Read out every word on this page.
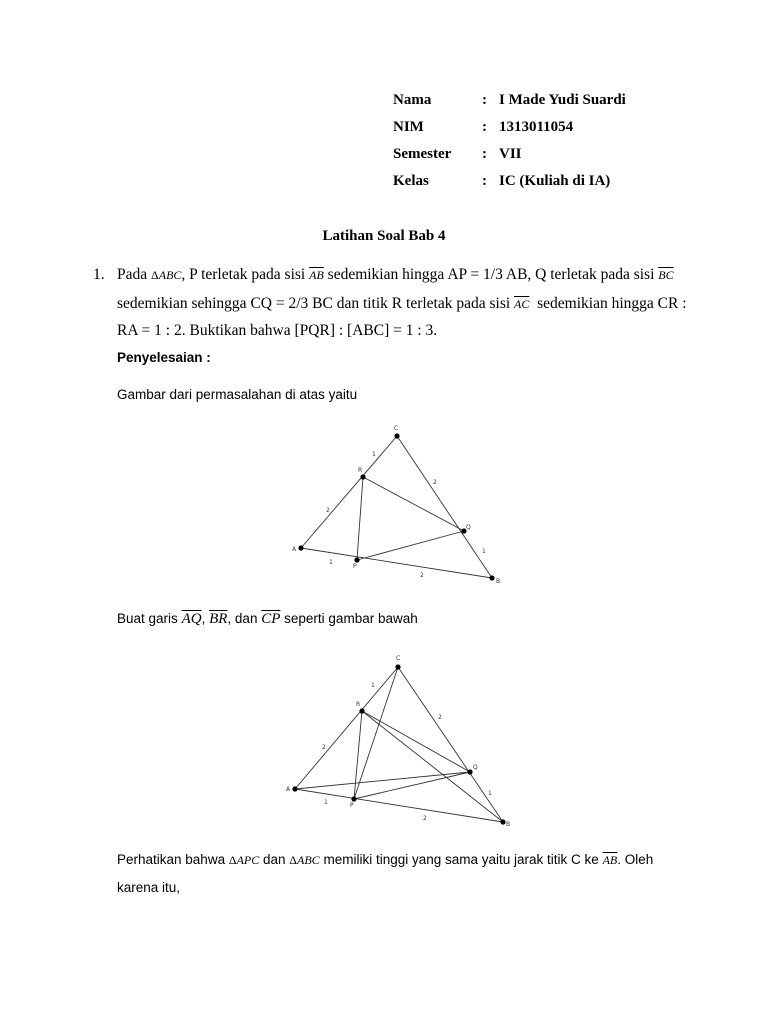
Nama	: I Made Yudi Suardi
NIM	: 1313011054
Semester : VII
Kelas	: IC (Kuliah di IA)
Latihan Soal Bab 4
1. Pada ΔABC, P terletak pada sisi $\overline{AB}$ sedemikian hingga AP = 1/3 AB, Q terletak pada sisi $\overline{BC}$
sedemikian sehingga CQ = 2/3 BC dan titik R terletak pada sisi $\overline{AC}$ sedemikian hingga CR :
RA = 1 : 2. Buktikan bahwa [PQR] : [ABC] = 1 : 3.
Penyelesaian :
Gambar dari permasalahan di atas yaitu
A
B
C
P
Q
R
1
2
2
1
1
2
Buat garis $\overline{AQ}$, $\overline{BR}$, dan $\overline{CP}$ seperti gambar bawah
A
B
C
P
Q
R
1
2
2
1
1
2
Perhatikan bahwa ΔAPC dan ΔABC memiliki tinggi yang sama yaitu jarak titik C ke $\overline{AB}$. Oleh
karena itu,
